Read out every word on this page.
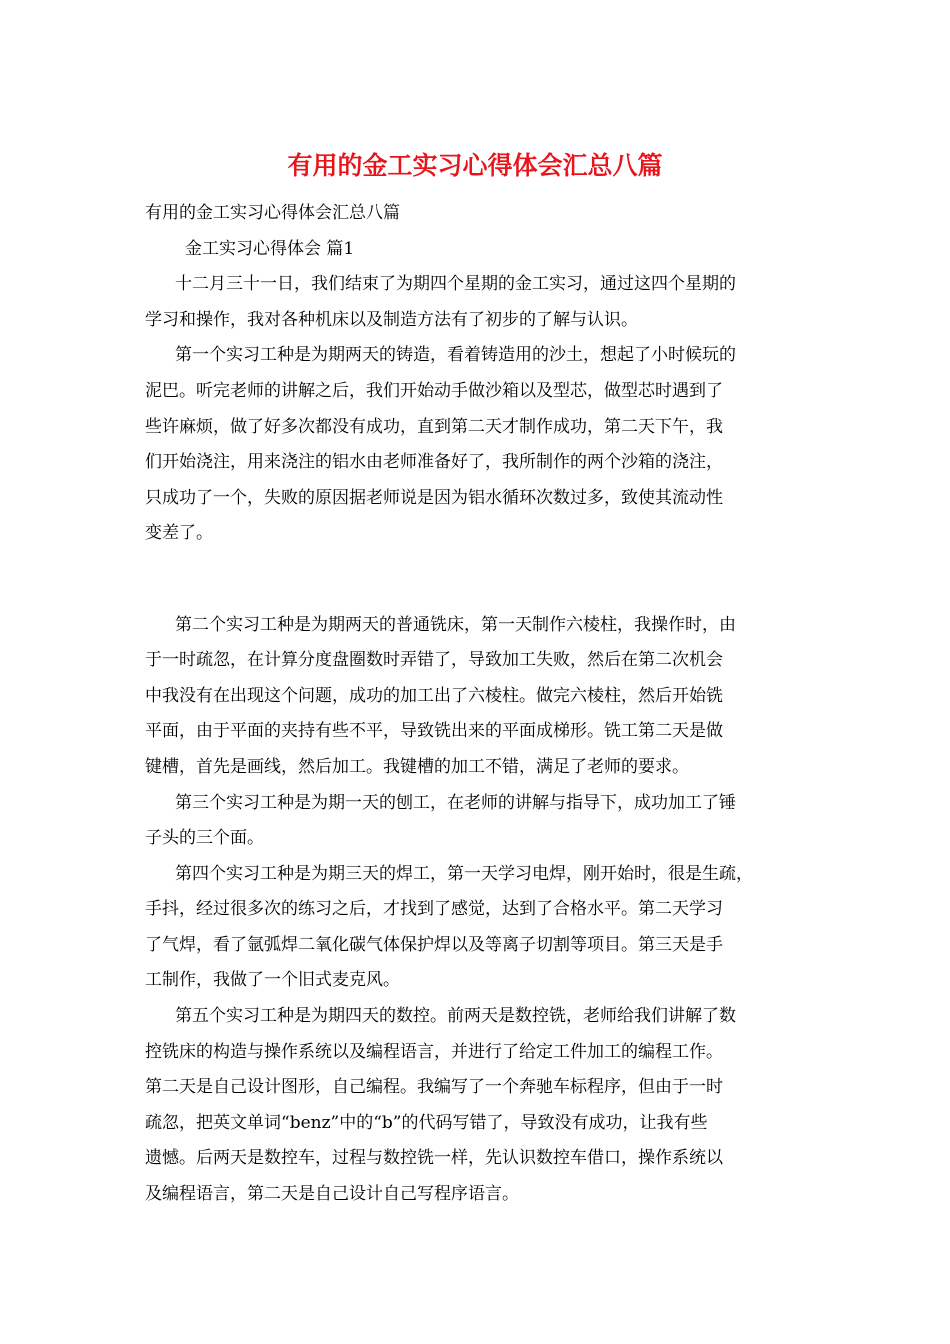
有用的金工实习心得体会汇总八篇

有用的金工实习心得体会汇总八篇

金工实习心得体会 篇1

十二月三十一日，我们结束了为期四个星期的金工实习，通过这四个星期的

学习和操作，我对各种机床以及制造方法有了初步的了解与认识。

第一个实习工种是为期两天的铸造，看着铸造用的沙土，想起了小时候玩的

泥巴。听完老师的讲解之后，我们开始动手做沙箱以及型芯，做型芯时遇到了

些许麻烦，做了好多次都没有成功，直到第二天才制作成功，第二天下午，我

们开始浇注，用来浇注的铝水由老师准备好了，我所制作的两个沙箱的浇注，

只成功了一个，失败的原因据老师说是因为铝水循环次数过多，致使其流动性

变差了。

第二个实习工种是为期两天的普通铣床，第一天制作六棱柱，我操作时，由

于一时疏忽，在计算分度盘圈数时弄错了，导致加工失败，然后在第二次机会

中我没有在出现这个问题，成功的加工出了六棱柱。做完六棱柱，然后开始铣

平面，由于平面的夹持有些不平，导致铣出来的平面成梯形。铣工第二天是做

键槽，首先是画线，然后加工。我键槽的加工不错，满足了老师的要求。

第三个实习工种是为期一天的刨工，在老师的讲解与指导下，成功加工了锤

子头的三个面。

第四个实习工种是为期三天的焊工，第一天学习电焊，刚开始时，很是生疏，

手抖，经过很多次的练习之后，才找到了感觉，达到了合格水平。第二天学习

了气焊，看了氩弧焊二氧化碳气体保护焊以及等离子切割等项目。第三天是手

工制作，我做了一个旧式麦克风。

第五个实习工种是为期四天的数控。前两天是数控铣，老师给我们讲解了数

控铣床的构造与操作系统以及编程语言，并进行了给定工件加工的编程工作。

第二天是自己设计图形，自己编程。我编写了一个奔驰车标程序，但由于一时

疏忽，把英文单词“benz”中的“b”的代码写错了，导致没有成功，让我有些

遗憾。后两天是数控车，过程与数控铣一样，先认识数控车借口，操作系统以

及编程语言，第二天是自己设计自己写程序语言。
